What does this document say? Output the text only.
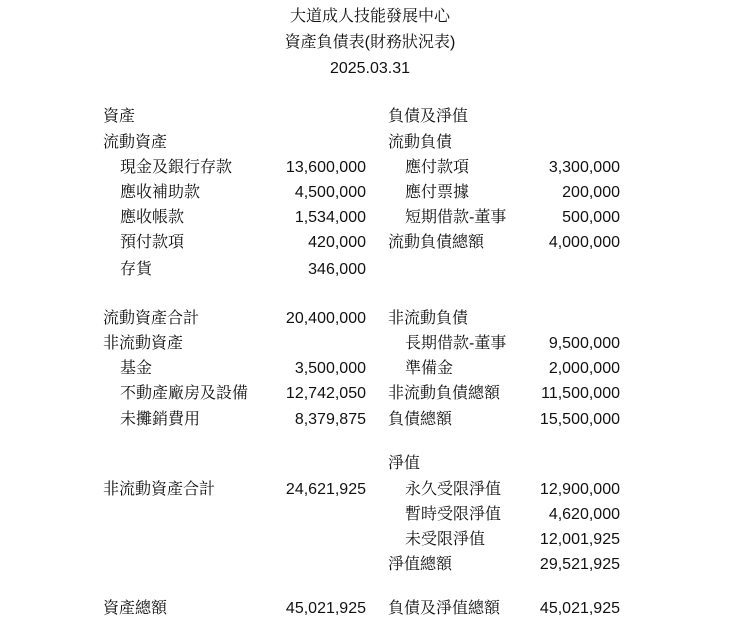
大道成人技能發展中心
資產負債表(財務狀況表)
2025.03.31
資產
流動資產
現金及銀行存款	13,600,000
應收補助款	4,500,000
應收帳款	1,534,000
預付款項	420,000
存貨	346,000
流動資產合計	20,400,000
非流動資產
基金	3,500,000
不動產廠房及設備 12,742,050
未攤銷費用	8,379,875
非流動資產合計	24,621,925
資產總額	45,021,925
負債及淨值
流動負債
應付款項	3,300,000
應付票據	200,000
短期借款-董事	500,000
流動負債總額	4,000,000
非流動負債
長期借款-董事	9,500,000
準備金	2,000,000
非流動負債總額	11,500,000
負債總額	15,500,000
淨值
永久受限淨值 12,900,000
暫時受限淨值	4,620,000
未受限淨值	12,001,925
淨值總額	29,521,925
負債及淨值總額 45,021,925
